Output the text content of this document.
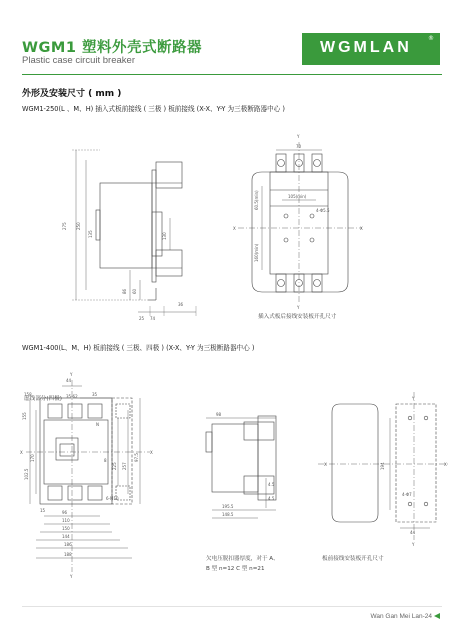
WGM1 塑料外壳式断路器
Plastic case circuit breaker
WGMLAN
®
外形及安装尺寸 ( mm )
WGM1-250(L 、M、H) 插入式板前接线 ( 三极 ) 板前接线 (X-X、Y-Y 为三极断路器中心 )
275 250
135
86 60
130
74
25
36
Y
Y
X	X
70
105(min)
4-Φ5.5
60.5(min)
160(min)
插入式板后接线安装板开孔尺寸
WGM1-400(L、M、H) 板前接线 ( 三极、四极 ) (X-X、Y-Y 为三极断路器中心 )
Y
Y
X	X
44
35-62	35
158
102.5
155
170
225 257
97.5
6-M10
15
N
8
96
110
150
144
186
188
98
195.5
148.5
4.5
4.5
Y
Y
X	X
194
4-Φ7
44
虚线部分(四极)
欠电压脱扣器厚度，对于 A、
B 型 n=12 C 型 n=21
板前接线安装板开孔尺寸
Wan Gan Mei Lan-24
